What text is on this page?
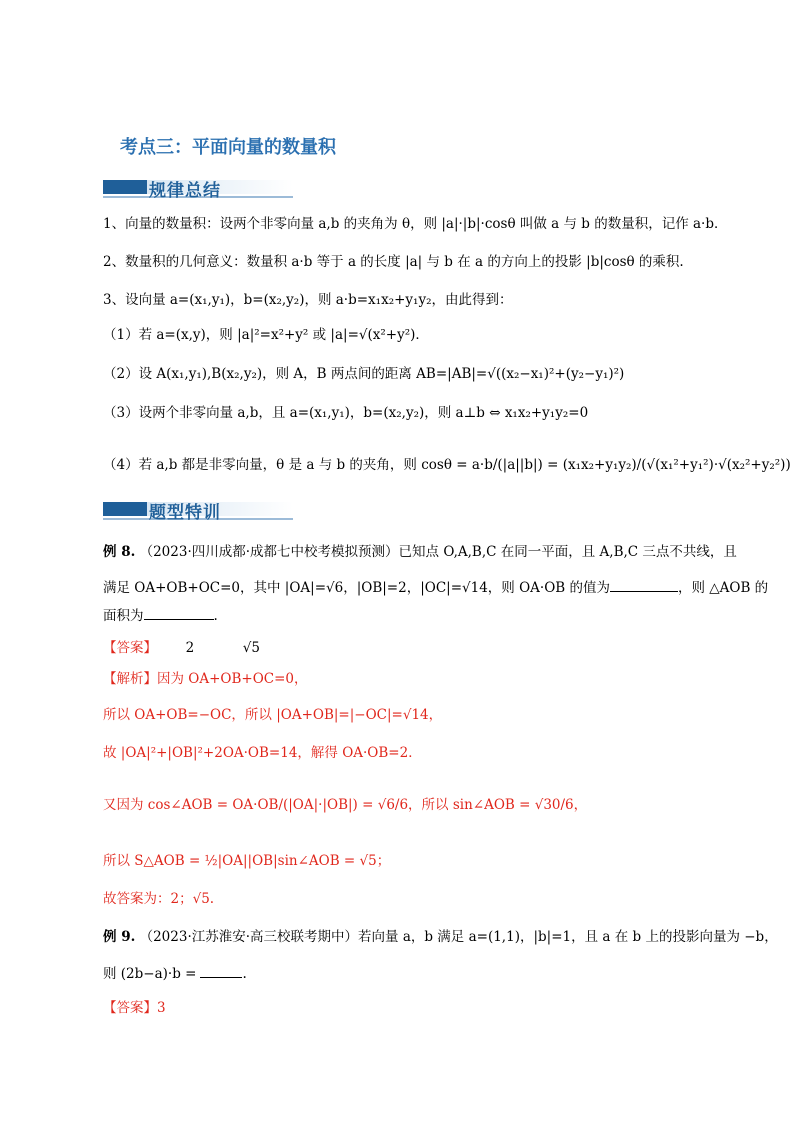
考点三：平面向量的数量积
规律总结
1、向量的数量积：设两个非零向量 a,b 的夹角为 θ，则 |a|·|b|·cosθ 叫做 a 与 b 的数量积，记作 a·b．
2、数量积的几何意义：数量积 a·b 等于 a 的长度 |a| 与 b 在 a 的方向上的投影 |b|cosθ 的乘积.
3、设向量 a=(x₁,y₁)，b=(x₂,y₂)，则 a·b=x₁x₂+y₁y₂，由此得到：
（1）若 a=(x,y)，则 |a|²=x²+y² 或 |a|=√(x²+y²)．
（2）设 A(x₁,y₁),B(x₂,y₂)，则 A，B 两点间的距离 AB=|AB|=√((x₂−x₁)²+(y₂−y₁)²)
（3）设两个非零向量 a,b，且 a=(x₁,y₁)，b=(x₂,y₂)，则 a⊥b ⇔ x₁x₂+y₁y₂=0
（4）若 a,b 都是非零向量，θ 是 a 与 b 的夹角，则 cosθ = a·b/(|a||b|) = (x₁x₂+y₁y₂)/(√(x₁²+y₁²)·√(x₂²+y₂²))
题型特训
例 8. （2023·四川成都·成都七中校考模拟预测）已知点 O,A,B,C 在同一平面，且 A,B,C 三点不共线，且
满足 OA+OB+OC=0，其中 |OA|=√6，|OB|=2，|OC|=√14，则 OA·OB 的值为	，则 △AOB 的
面积为	.
【答案】 2	√5
【解析】因为 OA+OB+OC=0，
所以 OA+OB=−OC，所以 |OA+OB|=|−OC|=√14，
故 |OA|²+|OB|²+2OA·OB=14，解得 OA·OB=2．
又因为 cos∠AOB = OA·OB/(|OA|·|OB|) = √6/6，所以 sin∠AOB = √30/6，
所以 S△AOB = ½|OA||OB|sin∠AOB = √5；
故答案为：2；√5.
例 9. （2023·江苏淮安·高三校联考期中）若向量 a，b 满足 a=(1,1)，|b|=1，且 a 在 b 上的投影向量为 −b，
则 (2b−a)·b =	.
【答案】3
